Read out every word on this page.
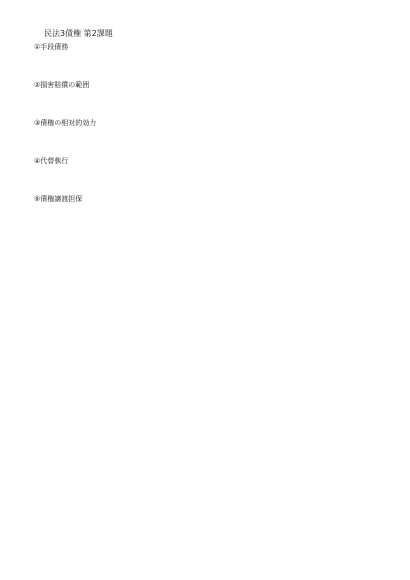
民法3債権 第2課題
①手段債務

②損害賠償の範囲

③債権の相対的効力

④代替執行

⑤債権譲渡担保
